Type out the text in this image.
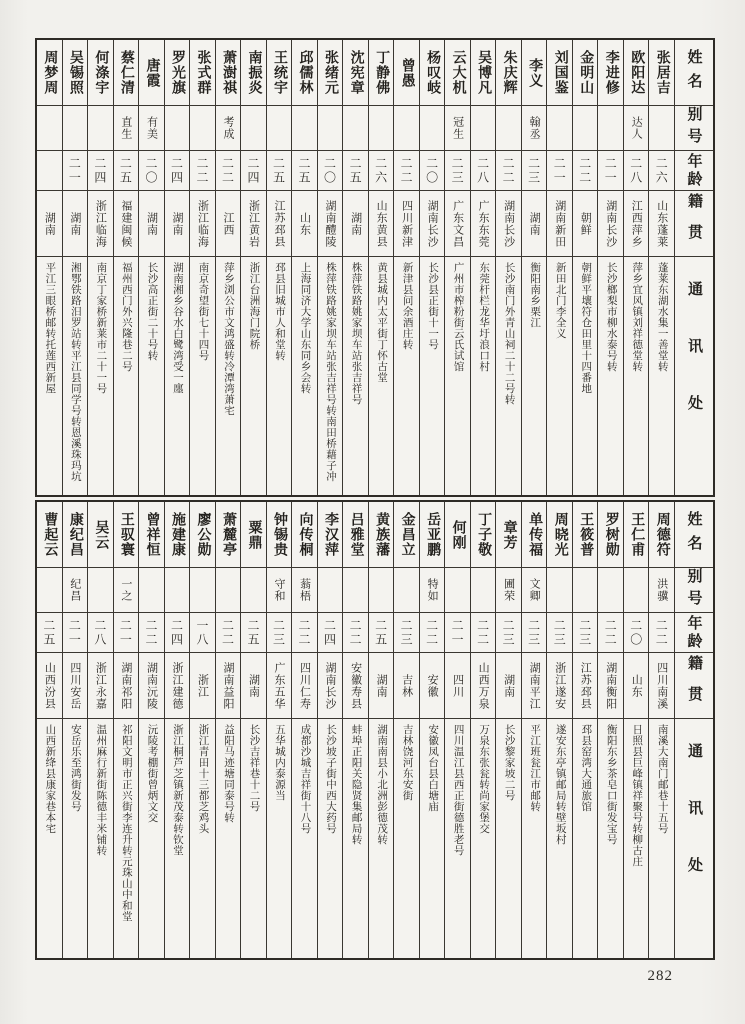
姓名
别号
年龄
籍贯
通讯处
张居吉
二六
山东蓬莱
蓬莱东湖水集一善堂转
欧阳达
达人
二八
江西萍乡
萍乡宜风镇刘祥德堂转
李进修
二一
湖南长沙
长沙榔梨市柳水泰号转
金明山
二二
朝鲜
朝鲜平壤符仓田里十四番地
刘国鉴
二一
湖南新田
新田北门李全义
李义
翰丞
二三
湖南
衡阳南乡栗江
朱庆辉
二二
湖南长沙
长沙南门外青山祠二十二号转
吴博凡
二八
广东东莞
东莞杆栏龙华圩浪口村
云大机
冠生
二三
广东文昌
广州市榨粉街云氏试馆
杨叹岐
二〇
湖南长沙
长沙县正街十一号
曾愚
二二
四川新津
新津县问余酒庄转
丁静佛
二六
山东黄县
黄县城内太平街丁怀古堂
沈宪章
二五
湖南
株萍铁路姚家坝车站张吉祥号
张绪元
二〇
湖南醴陵
株萍铁路姚家坝车站张吉祥号转南田桥藉子冲
邱儒林
二五
山东
上海同济大学山东同乡会转
王统宇
二五
江苏邳县
邳县旧城市人和堂转
南振炎
二四
浙江黄岩
浙江台洲海门院桥
萧澍祺
考成
二二
江西
萍乡浏公市文鸿盛转冷潭湾萧宅
张式群
二二
浙江临海
南京奇望街七十四号
罗光旗
二四
湖南
湖南湘乡谷水白鹭湾受一廛
唐霞
有美
二〇
湖南
长沙高正街二十号转
蔡仁清
直生
二五
福建闽候
福州西门外兴隆巷二号
何涤宇
二四
浙江临海
南京丁家桥新莱市二十一号
吴锡照
二一
湖南
湘鄂铁路汨罗站转平江县同学号转恩溪珠玛坑
周梦周
湖南
平江三眼桥邮转托莲西新屋
姓名
别号
年龄
籍贯
通讯处
周德符
洪骥
二二
四川南溪
南溪大南门邮巷十五号
王仁甫
二〇
山东
日照县巨峰镇祥聚号转柳古庄
罗树勋
二二
湖南衡阳
衡阳东乡茶皂口街发宝号
王筱普
二三
江苏邳县
邳县窑湾大通旅馆
周晓光
二三
浙江遂安
遂安东亭镇邮局转壁坂村
单传福
文卿
二三
湖南平江
平江班瓮江市邮转
章芳
圃荣
二三
湖南
长沙黎家坡二号
丁子敬
二二
山西万泉
万泉东张瓮转尚家堡交
何刚
二一
四川
四川温江县西正街德胜老号
岳亚鹏
特如
二二
安徽
安徽凤台县白塘庙
金昌立
二三
吉林
吉林饶河东安街
黄族藩
二五
湖南
湖南南县小北洲彭德茂转
吕雅堂
二二
安徽寿县
蚌埠正阳关隐贤集邮局转
李汉萍
二四
湖南长沙
长沙坡子街中西大药号
向传桐
蓊梧
二二
四川仁寿
成都沙城吉祥街十八号
钟锡贵
守和
二三
广东五华
五华城内泰源当
粟鼎
二五
湖南
长沙吉祥巷十二号
萧麓亭
二二
湖南益阳
益阳马迹塘同泰号转
廖公勋
一八
浙江
浙江青田十三都芝鸡头
施建康
二四
浙江建德
浙江桐芦芝镇新茂泰转钦堂
曾祥恒
二二
湖南沅陵
沅陵考棚街曾炳文交
王驭寰
一之
二一
湖南祁阳
祁阳文明市正兴街李连升转元珠山中和堂
吴云
二八
浙江永嘉
温州麻行新街陈德丰米铺转
康纪昌
纪昌
二一
四川安岳
安岳乐至鸿街发号
曹起云
二五
山西汾县
山西新绛县康家巷本宅
282
